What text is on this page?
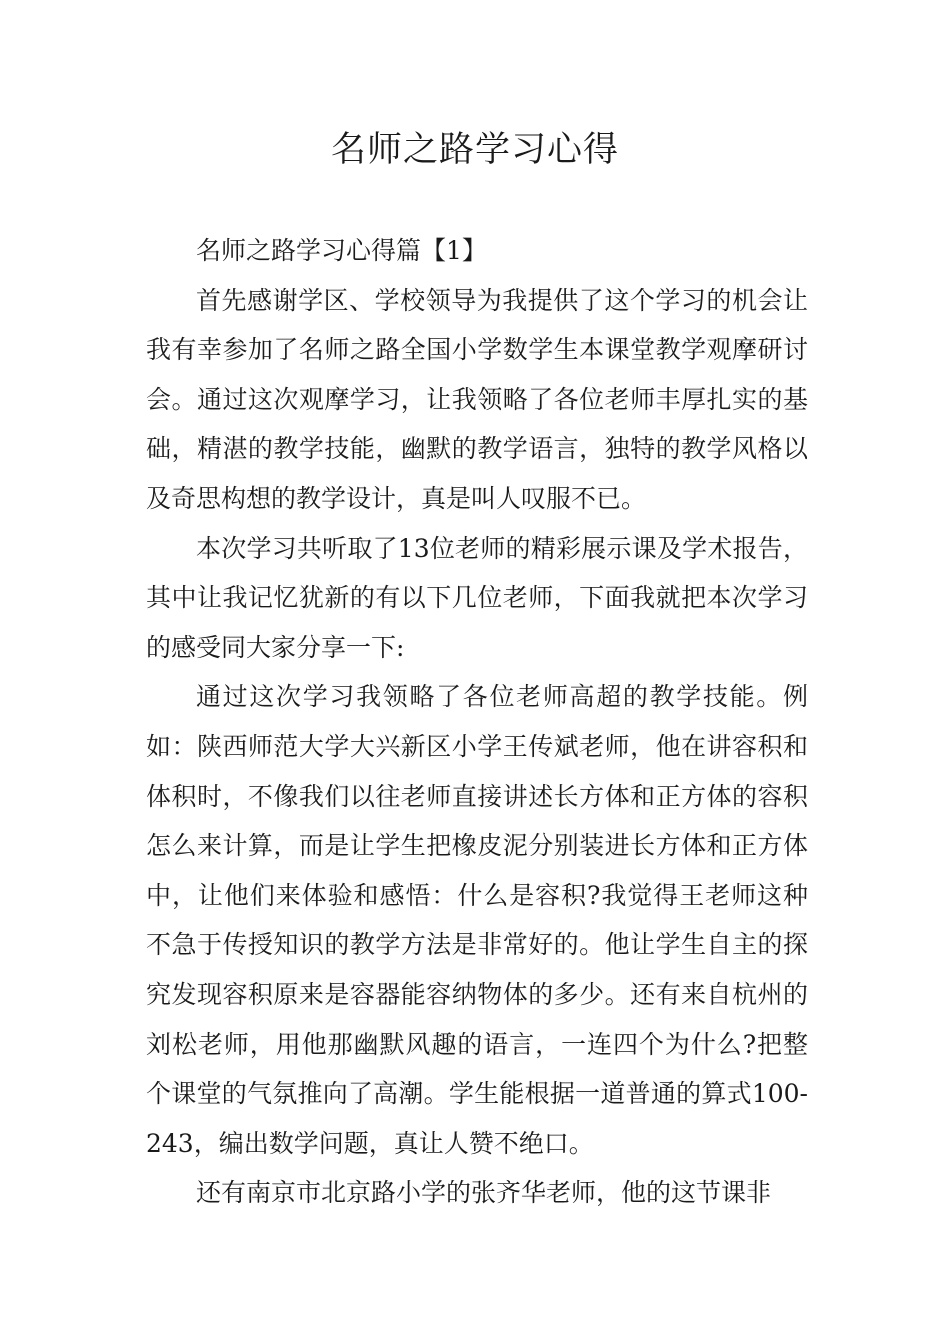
名师之路学习心得

名师之路学习心得篇【1】

首先感谢学区、学校领导为我提供了这个学习的机会让我有幸参加了名师之路全国小学数学生本课堂教学观摩研讨会。通过这次观摩学习，让我领略了各位老师丰厚扎实的基础，精湛的教学技能，幽默的教学语言，独特的教学风格以及奇思构想的教学设计，真是叫人叹服不已。

本次学习共听取了13位老师的精彩展示课及学术报告，其中让我记忆犹新的有以下几位老师，下面我就把本次学习的感受同大家分享一下:

通过这次学习我领略了各位老师高超的教学技能。例如：陕西师范大学大兴新区小学王传斌老师，他在讲容积和体积时，不像我们以往老师直接讲述长方体和正方体的容积怎么来计算，而是让学生把橡皮泥分别装进长方体和正方体中，让他们来体验和感悟：什么是容积?我觉得王老师这种不急于传授知识的教学方法是非常好的。他让学生自主的探究发现容积原来是容器能容纳物体的多少。还有来自杭州的刘松老师，用他那幽默风趣的语言，一连四个为什么?把整个课堂的气氛推向了高潮。学生能根据一道普通的算式100-243，编出数学问题，真让人赞不绝口。

还有南京市北京路小学的张齐华老师，他的这节课非
